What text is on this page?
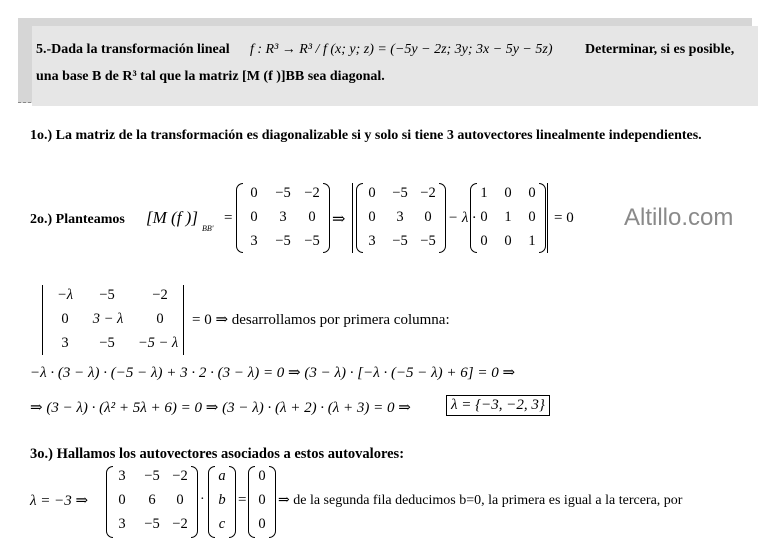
5.-Dada la transformación lineal f : R³ → R³ / f (x; y; z) = (−5y − 2z; 3y; 3x − 5y − 5z) Determinar, si es posible,
una base B de R³ tal que la matriz [M (f )]BB sea diagonal.
1o.) La matriz de la transformación es diagonalizable si y solo si tiene 3 autovectores linealmente independientes.
2o.) Planteamos [M (f )]
BB'
=
0	−5 −2
0	3	0
3	−5 −5
⇒
0	−5 −2
0	3	0
3	−5 −5
− λ ·
1	0	0
0	1	0
0	0	1
= 0 Altillo.com
−λ	−5	−2
0	3 − λ	0
3	−5	−5 − λ
= 0 ⇒ desarrollamos por primera columna:
−λ · (3 − λ) · (−5 − λ) + 3 · 2 · (3 − λ) = 0 ⇒ (3 − λ) · [−λ · (−5 − λ) + 6] = 0 ⇒
⇒ (3 − λ) · (λ² + 5λ + 6) = 0 ⇒ (3 − λ) · (λ + 2) · (λ + 3) = 0 ⇒	λ = {−3, −2, 3}
3o.) Hallamos los autovectores asociados a estos autovalores:
λ = −3 ⇒
3	−5 −2
0	6	0
3	−5 −2
·
a
b
c
=
0
0
0
⇒ de la segunda fila deducimos b=0, la primera es igual a la tercera, por
